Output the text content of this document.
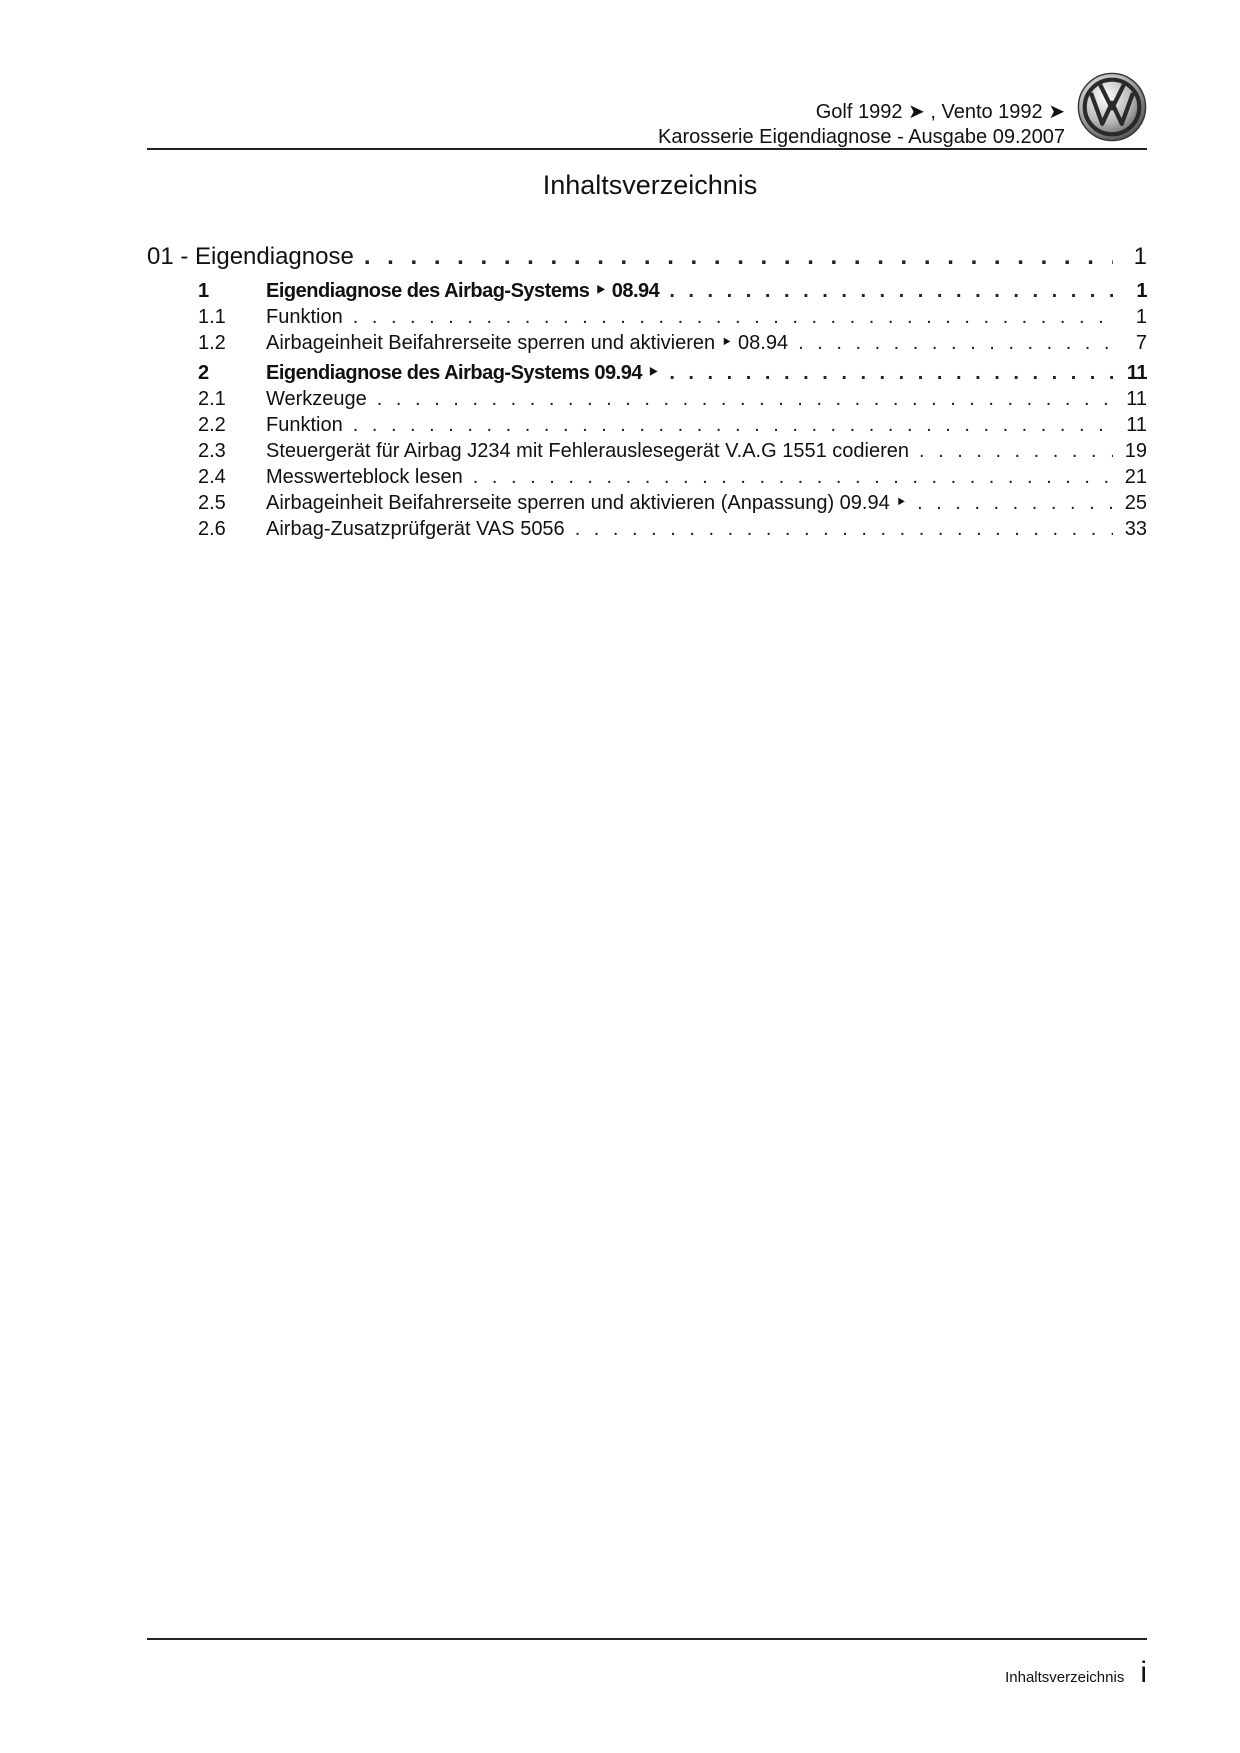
Golf 1992 ➤ , Vento 1992 ➤
Karosserie Eigendiagnose - Ausgabe 09.2007
Inhaltsverzeichnis
01 - Eigendiagnose . . .	1
1	Eigendiagnose des Airbag-Systems ‣ 08.94 . . .	1
1.1	Funktion . . .	1
1.2	Airbageinheit Beifahrerseite sperren und aktivieren ‣ 08.94 . . .	7
2	Eigendiagnose des Airbag-Systems 09.94 ‣ . . .	11
2.1	Werkzeuge . . .	11
2.2	Funktion . . .	11
2.3	Steuergerät für Airbag J234 mit Fehlerauslesegerät V.A.G 1551 codieren . . .	19
2.4	Messwerteblock lesen . . .	21
2.5	Airbageinheit Beifahrerseite sperren und aktivieren (Anpassung) 09.94 ‣ . . .	25
2.6	Airbag-Zusatzprüfgerät VAS 5056 . . .	33
Inhaltsverzeichnis i
